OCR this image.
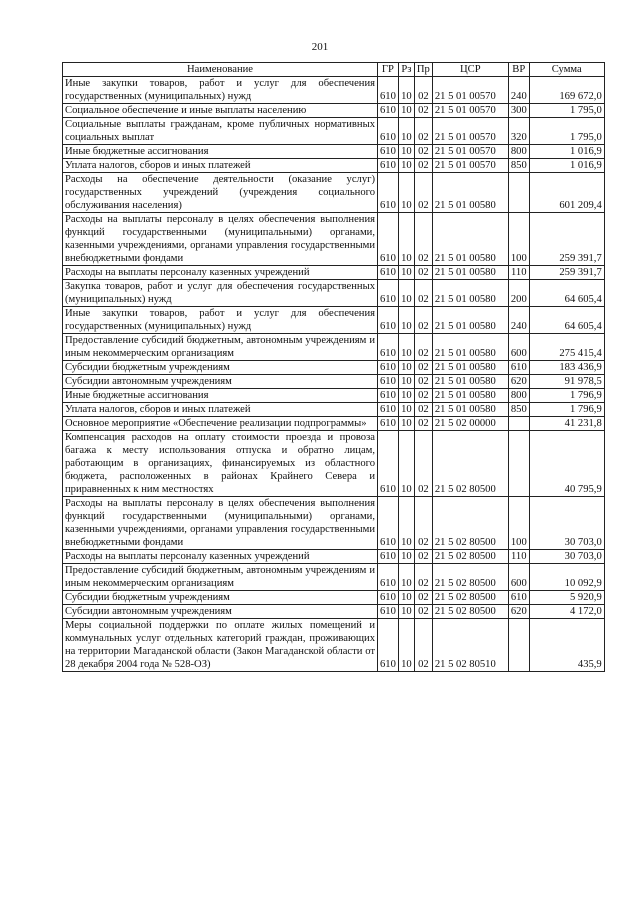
201
Наименование	ГР	Рз	Пр	ЦСР	ВР	Сумма
Иные закупки товаров, работ и услуг для обеспечения государственных (муниципальных) нужд	610	10	02	21 5 01 00570	240	169 672,0
Социальное обеспечение и иные выплаты населению	610	10	02	21 5 01 00570	300	1 795,0
Социальные выплаты гражданам, кроме публичных нормативных социальных выплат	610	10	02	21 5 01 00570	320	1 795,0
Иные бюджетные ассигнования	610	10	02	21 5 01 00570	800	1 016,9
Уплата налогов, сборов и иных платежей	610	10	02	21 5 01 00570	850	1 016,9
Расходы на обеспечение деятельности (оказание услуг) государственных учреждений (учреждения социального обслуживания населения)	610	10	02	21 5 01 00580		601 209,4
Расходы на выплаты персоналу в целях обеспечения выполнения функций государственными (муниципальными) органами, казенными учреждениями, органами управления государственными внебюджетными фондами	610	10	02	21 5 01 00580	100	259 391,7
Расходы на выплаты персоналу казенных учреждений	610	10	02	21 5 01 00580	110	259 391,7
Закупка товаров, работ и услуг для обеспечения государственных (муниципальных) нужд	610	10	02	21 5 01 00580	200	64 605,4
Иные закупки товаров, работ и услуг для обеспечения государственных (муниципальных) нужд	610	10	02	21 5 01 00580	240	64 605,4
Предоставление субсидий бюджетным, автономным учреждениям и иным некоммерческим организациям	610	10	02	21 5 01 00580	600	275 415,4
Субсидии бюджетным учреждениям	610	10	02	21 5 01 00580	610	183 436,9
Субсидии автономным учреждениям	610	10	02	21 5 01 00580	620	91 978,5
Иные бюджетные ассигнования	610	10	02	21 5 01 00580	800	1 796,9
Уплата налогов, сборов и иных платежей	610	10	02	21 5 01 00580	850	1 796,9
Основное мероприятие «Обеспечение реализации подпрограммы»	610	10	02	21 5 02 00000		41 231,8
Компенсация расходов на оплату стоимости проезда и провоза багажа к месту использования отпуска и обратно лицам, работающим в организациях, финансируемых из областного бюджета, расположенных в районах Крайнего Севера и приравненных к ним местностях	610	10	02	21 5 02 80500		40 795,9
Расходы на выплаты персоналу в целях обеспечения выполнения функций государственными (муниципальными) органами, казенными учреждениями, органами управления государственными внебюджетными фондами	610	10	02	21 5 02 80500	100	30 703,0
Расходы на выплаты персоналу казенных учреждений	610	10	02	21 5 02 80500	110	30 703,0
Предоставление субсидий бюджетным, автономным учреждениям и иным некоммерческим организациям	610	10	02	21 5 02 80500	600	10 092,9
Субсидии бюджетным учреждениям	610	10	02	21 5 02 80500	610	5 920,9
Субсидии автономным учреждениям	610	10	02	21 5 02 80500	620	4 172,0
Меры социальной поддержки по оплате жилых помещений и коммунальных услуг отдельных категорий граждан, проживающих на территории Магаданской области (Закон Магаданской области от 28 декабря 2004 года № 528-ОЗ)	610	10	02	21 5 02 80510		435,9
